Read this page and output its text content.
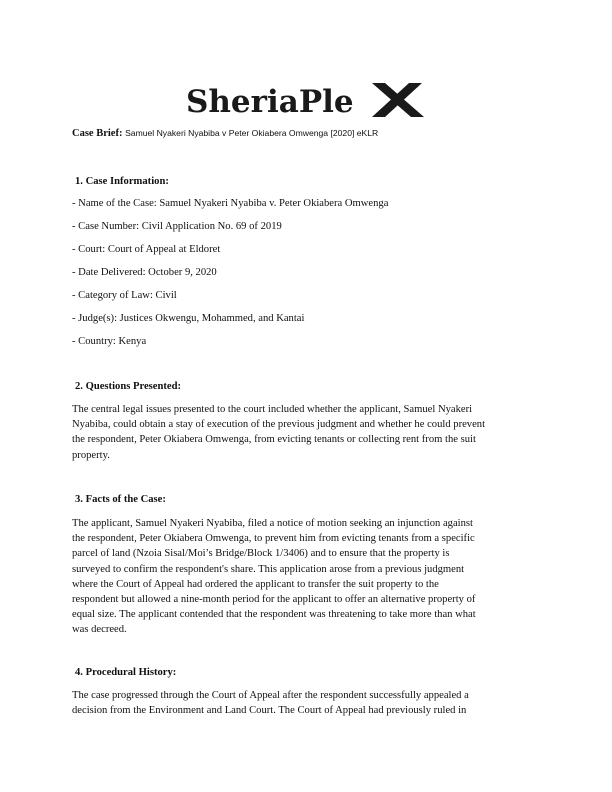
SheriaPle
Case Brief: Samuel Nyakeri Nyabiba v Peter Okiabera Omwenga [2020] eKLR
1. Case Information:
- Name of the Case: Samuel Nyakeri Nyabiba v. Peter Okiabera Omwenga
- Case Number: Civil Application No. 69 of 2019
- Court: Court of Appeal at Eldoret
- Date Delivered: October 9, 2020
- Category of Law: Civil
- Judge(s): Justices Okwengu, Mohammed, and Kantai
- Country: Kenya
2. Questions Presented:
The central legal issues presented to the court included whether the applicant, Samuel Nyakeri
Nyabiba, could obtain a stay of execution of the previous judgment and whether he could prevent
the respondent, Peter Okiabera Omwenga, from evicting tenants or collecting rent from the suit
property.
3. Facts of the Case:
The applicant, Samuel Nyakeri Nyabiba, filed a notice of motion seeking an injunction against
the respondent, Peter Okiabera Omwenga, to prevent him from evicting tenants from a specific
parcel of land (Nzoia Sisal/Moi’s Bridge/Block 1/3406) and to ensure that the property is
surveyed to confirm the respondent's share. This application arose from a previous judgment
where the Court of Appeal had ordered the applicant to transfer the suit property to the
respondent but allowed a nine-month period for the applicant to offer an alternative property of
equal size. The applicant contended that the respondent was threatening to take more than what
was decreed.
4. Procedural History:
The case progressed through the Court of Appeal after the respondent successfully appealed a
decision from the Environment and Land Court. The Court of Appeal had previously ruled in
